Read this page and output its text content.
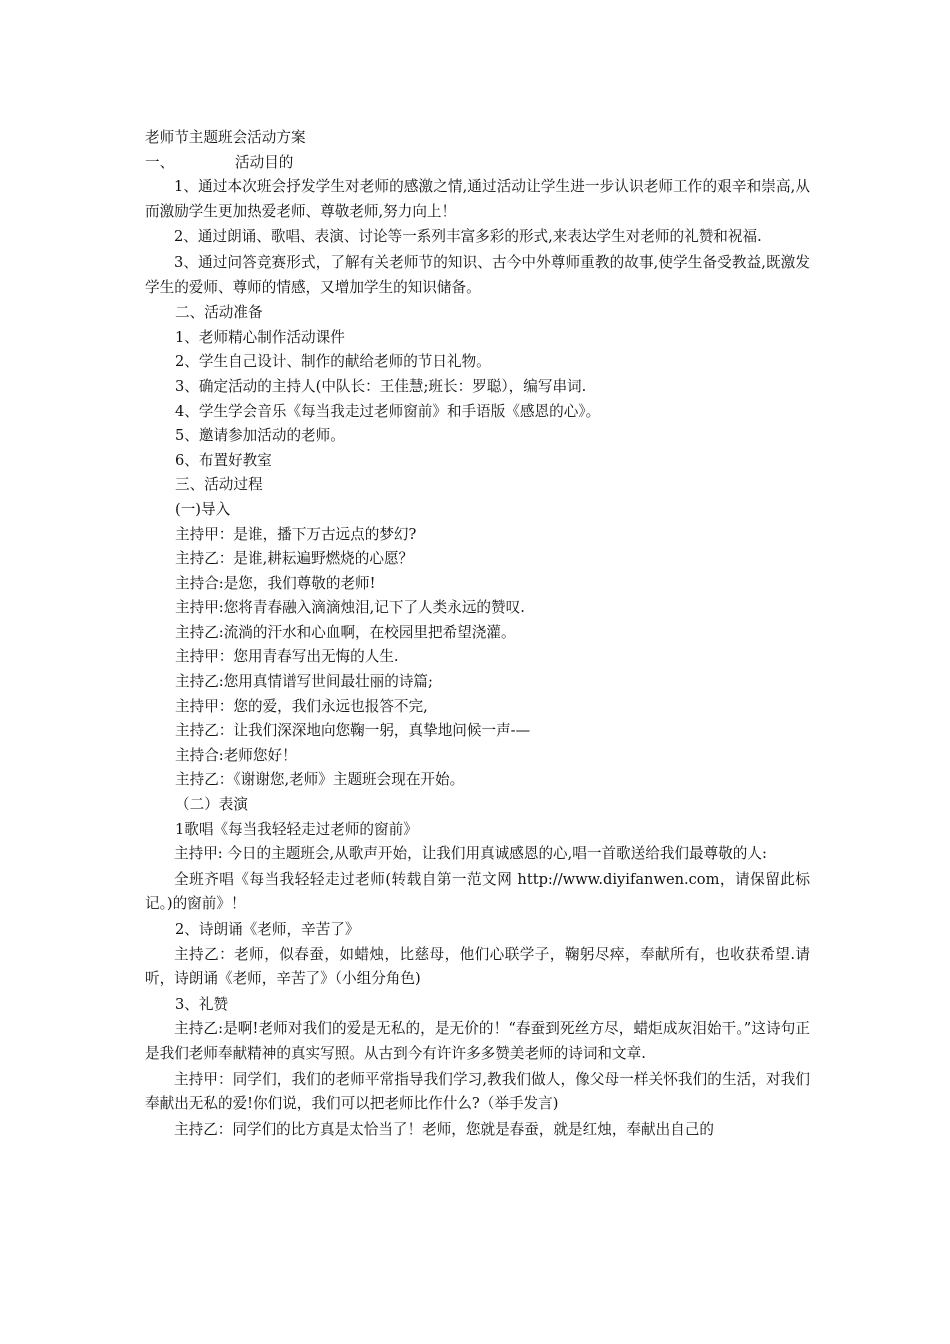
老师节主题班会活动方案

一、	活动目的

1、通过本次班会抒发学生对老师的感激之情,通过活动让学生进一步认识老师工作的艰辛和崇高,从而激励学生更加热爱老师、尊敬老师,努力向上！

2、通过朗诵、歌唱、表演、讨论等一系列丰富多彩的形式,来表达学生对老师的礼赞和祝福.

3、通过问答竞赛形式，了解有关老师节的知识、古今中外尊师重教的故事,使学生备受教益,既激发学生的爱师、尊师的情感，又增加学生的知识储备。

二、活动准备

1、老师精心制作活动课件

2、学生自己设计、制作的献给老师的节日礼物。

3、确定活动的主持人(中队长：王佳慧;班长：罗聪），编写串词.

4、学生学会音乐《每当我走过老师窗前》和手语版《感恩的心》。

5、邀请参加活动的老师。

6、布置好教室

三、活动过程

(一)导入

主持甲：是谁，播下万古远点的梦幻?

主持乙：是谁,耕耘遍野燃烧的心愿？

主持合:是您，我们尊敬的老师!

主持甲:您将青春融入滴滴烛泪,记下了人类永远的赞叹.

主持乙:流淌的汗水和心血啊，在校园里把希望浇灌。

主持甲：您用青春写出无悔的人生.

主持乙:您用真情谱写世间最壮丽的诗篇;

主持甲：您的爱，我们永远也报答不完,

主持乙：让我们深深地向您鞠一躬，真挚地问候一声-—

主持合:老师您好！

主持乙：《谢谢您,老师》主题班会现在开始。

（二）表演

1歌唱《每当我轻轻走过老师的窗前》

主持甲: 今日的主题班会,从歌声开始，让我们用真诚感恩的心,唱一首歌送给我们最尊敬的人:

全班齐唱《每当我轻轻走过老师(转载自第一范文网 http://www.diyifanwen.com，请保留此标记。)的窗前》！

2、诗朗诵《老师，辛苦了》

主持乙：老师，似春蚕，如蜡烛，比慈母，他们心联学子，鞠躬尽瘁，奉献所有，也收获希望.请听，诗朗诵《老师，辛苦了》（小组分角色)

3、礼赞

主持乙:是啊!老师对我们的爱是无私的，是无价的！“春蚕到死丝方尽，蜡炬成灰泪始干。”这诗句正是我们老师奉献精神的真实写照。从古到今有许许多多赞美老师的诗词和文章.

主持甲：同学们，我们的老师平常指导我们学习,教我们做人，像父母一样关怀我们的生活，对我们奉献出无私的爱!你们说，我们可以把老师比作什么?（举手发言)

主持乙：同学们的比方真是太恰当了！老师，您就是春蚕，就是红烛，奉献出自己的
